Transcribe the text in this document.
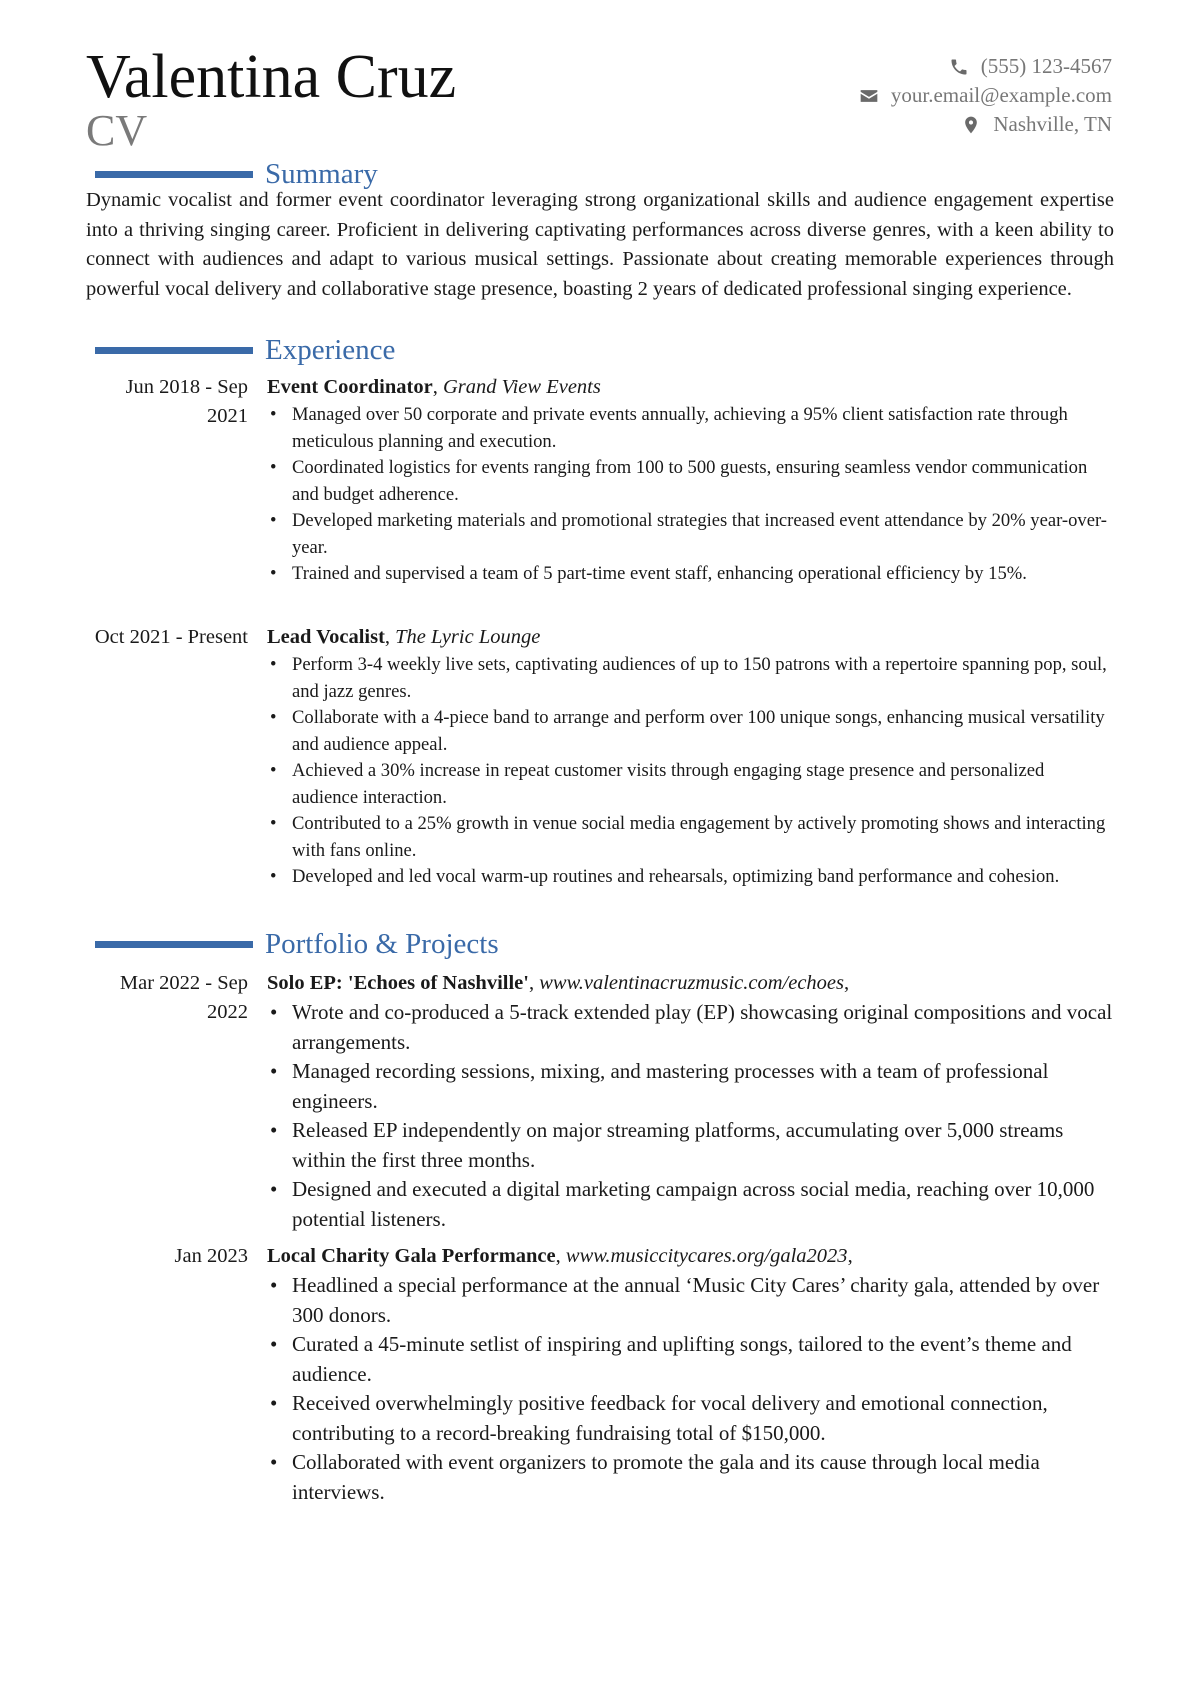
Valentina Cruz
CV
(555) 123-4567
your.email@example.com
Nashville, TN
Summary
Dynamic vocalist and former event coordinator leveraging strong organizational skills and audience engagement expertise into a thriving singing career. Proficient in delivering captivating performances across diverse genres, with a keen ability to connect with audiences and adapt to various musical settings. Passionate about creating memorable experiences through powerful vocal delivery and collaborative stage presence, boasting 2 years of dedicated professional singing experience.
Experience
Jun 2018 - Sep 2021
Event Coordinator, Grand View Events
• Managed over 50 corporate and private events annually, achieving a 95% client satisfaction rate through meticulous planning and execution.
• Coordinated logistics for events ranging from 100 to 500 guests, ensuring seamless vendor communication and budget adherence.
• Developed marketing materials and promotional strategies that increased event attendance by 20% year-over-year.
• Trained and supervised a team of 5 part-time event staff, enhancing operational efficiency by 15%.
Oct 2021 - Present Lead Vocalist, The Lyric Lounge
• Perform 3-4 weekly live sets, captivating audiences of up to 150 patrons with a repertoire spanning pop, soul, and jazz genres.
• Collaborate with a 4-piece band to arrange and perform over 100 unique songs, enhancing musical versatility and audience appeal.
• Achieved a 30% increase in repeat customer visits through engaging stage presence and personalized audience interaction.
• Contributed to a 25% growth in venue social media engagement by actively promoting shows and interacting with fans online.
• Developed and led vocal warm-up routines and rehearsals, optimizing band performance and cohesion.
Portfolio & Projects
Mar 2022 - Sep 2022
Solo EP: 'Echoes of Nashville', www.valentinacruzmusic.com/echoes,
• Wrote and co-produced a 5-track extended play (EP) showcasing original compositions and vocal arrangements.
• Managed recording sessions, mixing, and mastering processes with a team of professional engineers.
• Released EP independently on major streaming platforms, accumulating over 5,000 streams within the first three months.
• Designed and executed a digital marketing campaign across social media, reaching over 10,000 potential listeners.
Jan 2023 Local Charity Gala Performance, www.musiccitycares.org/gala2023,
• Headlined a special performance at the annual ‘Music City Cares’ charity gala, attended by over 300 donors.
• Curated a 45-minute setlist of inspiring and uplifting songs, tailored to the event’s theme and audience.
• Received overwhelmingly positive feedback for vocal delivery and emotional connection, contributing to a record-breaking fundraising total of $150,000.
• Collaborated with event organizers to promote the gala and its cause through local media interviews.
